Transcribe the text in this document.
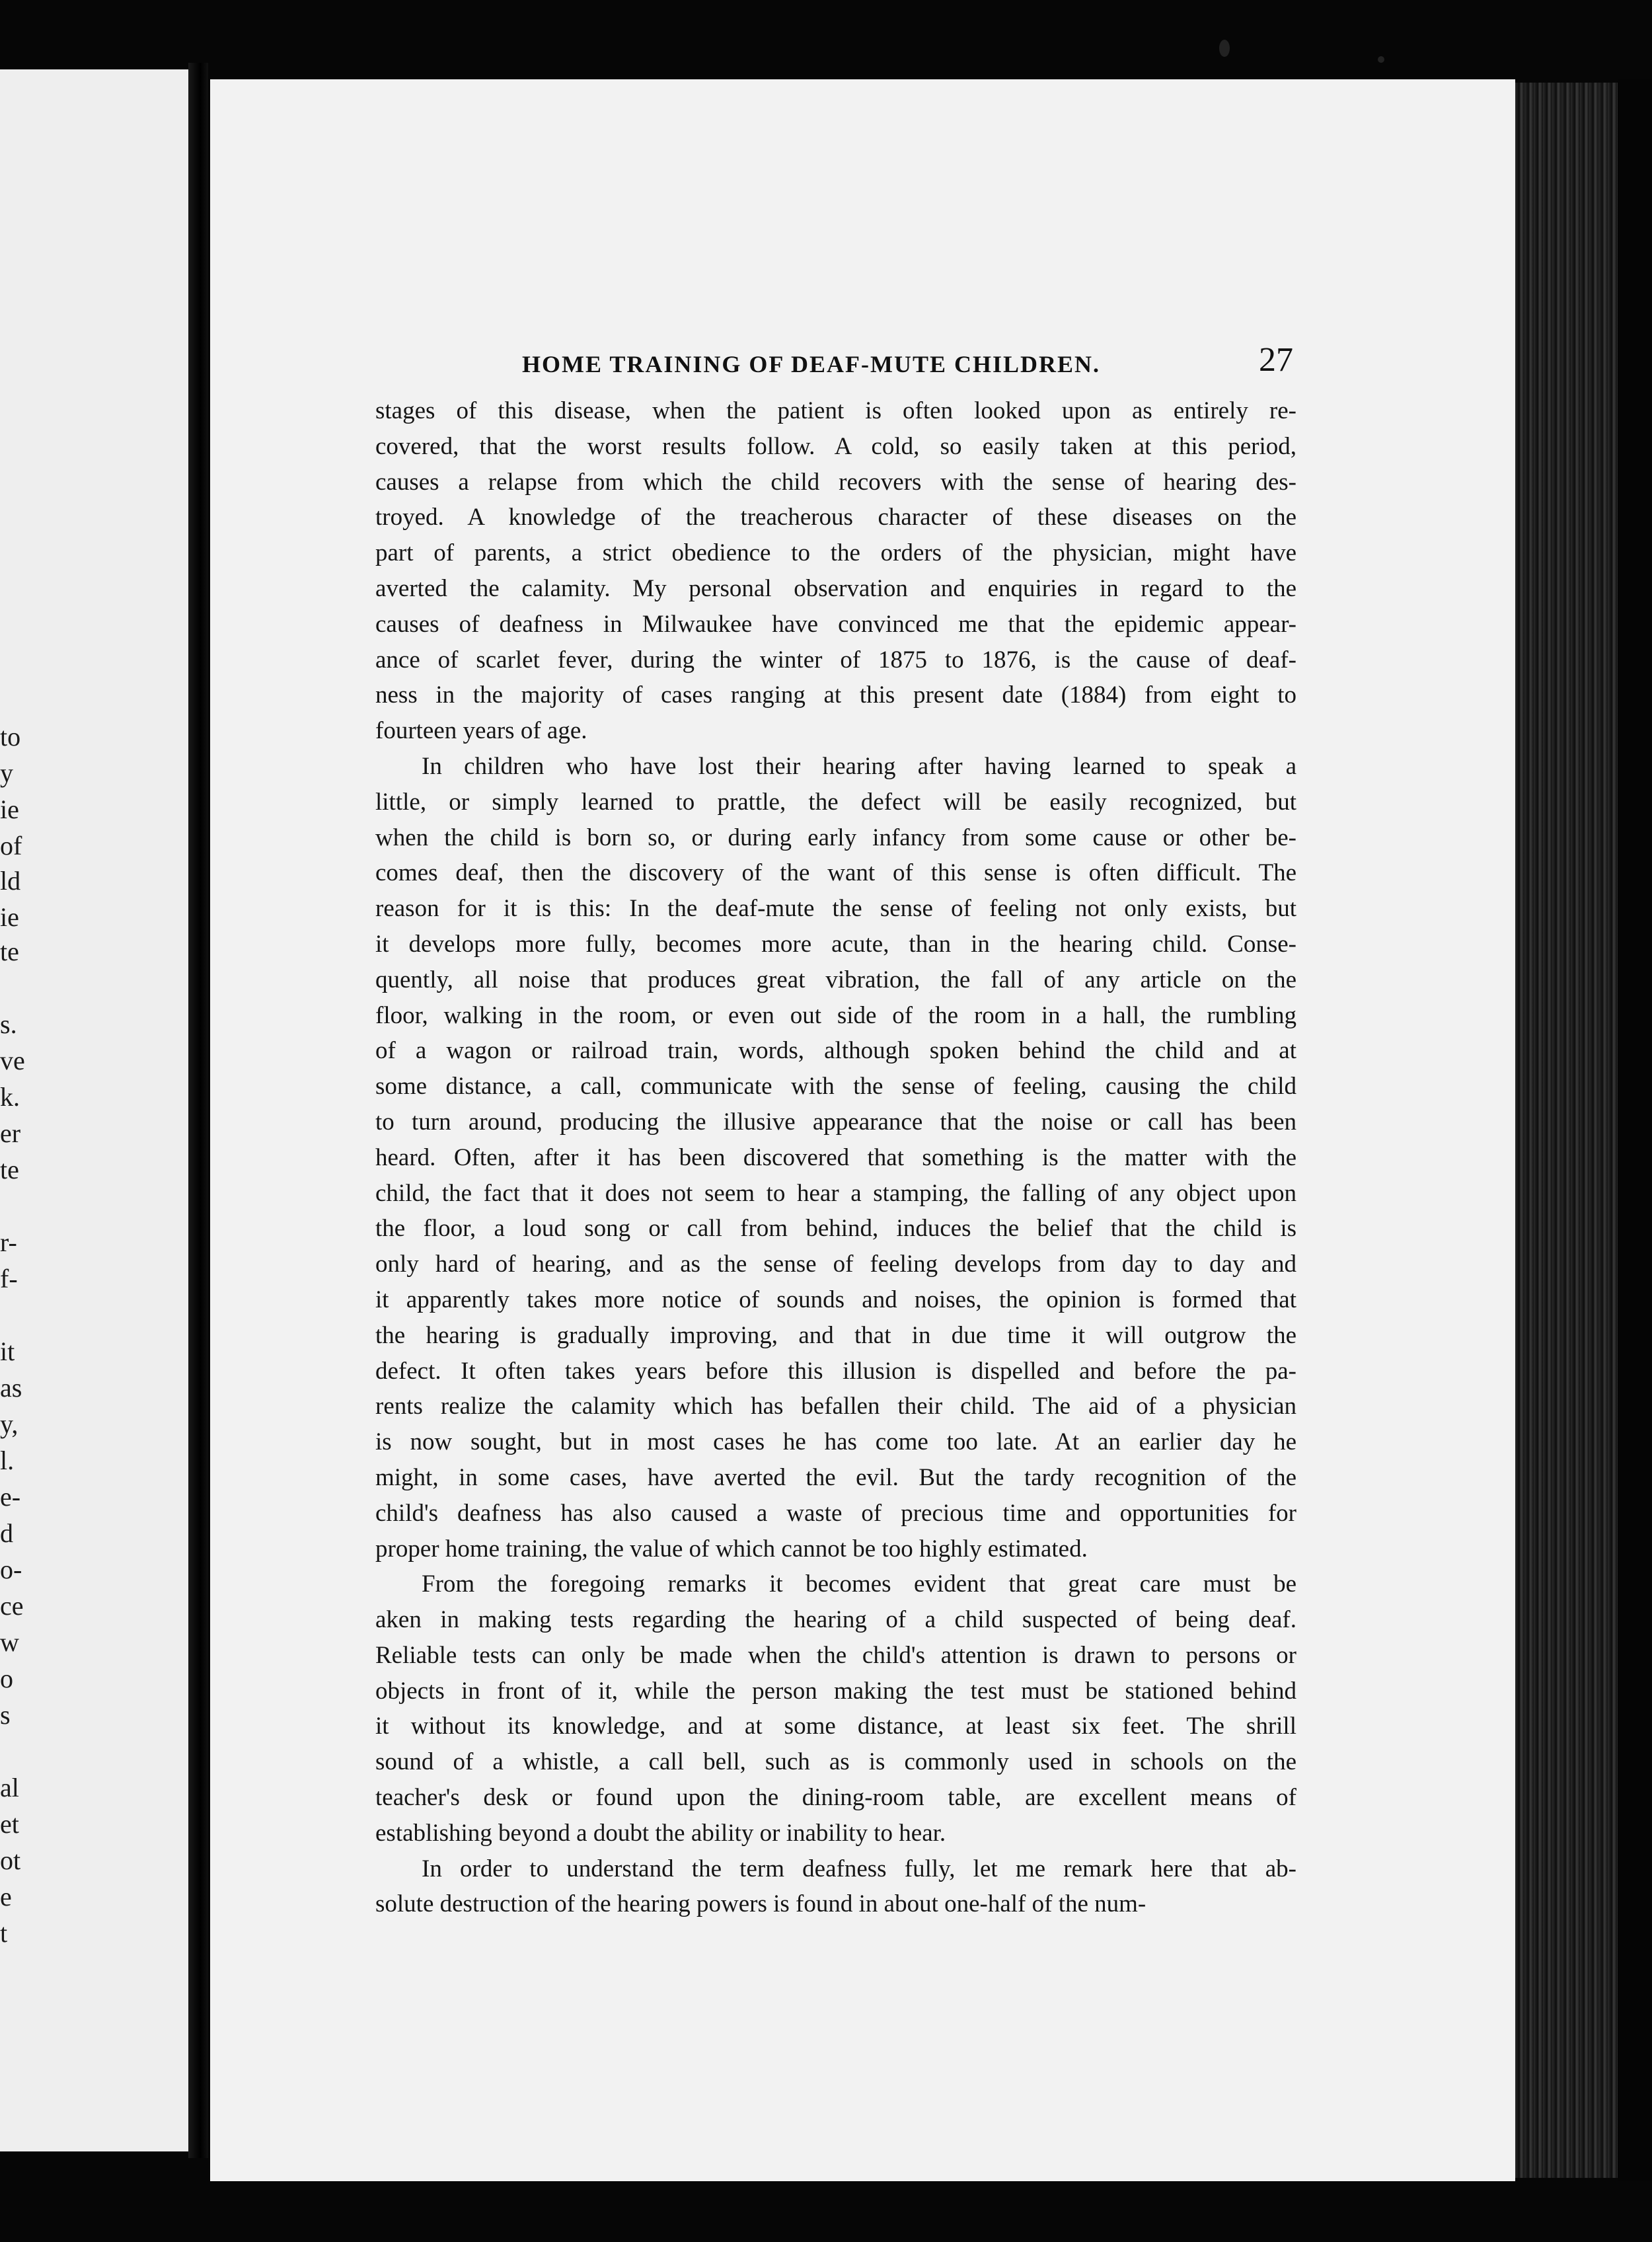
to
y
ie
of
ld
ie
te
s.
ve
k.
er
te
r-
f-
it
as
y,
l.
e-
d
o-
ce
w
o
s
al
et
ot
e
t
HOME TRAINING OF DEAF-MUTE CHILDREN.	27
stages of this disease, when the patient is often looked upon as entirely re-
covered, that the worst results follow. A cold, so easily taken at this period,
causes a relapse from which the child recovers with the sense of hearing des-
troyed. A knowledge of the treacherous character of these diseases on the
part of parents, a strict obedience to the orders of the physician, might have
averted the calamity. My personal observation and enquiries in regard to the
causes of deafness in Milwaukee have convinced me that the epidemic appear-
ance of scarlet fever, during the winter of 1875 to 1876, is the cause of deaf-
ness in the majority of cases ranging at this present date (1884) from eight to
fourteen years of age.
In children who have lost their hearing after having learned to speak a
little, or simply learned to prattle, the defect will be easily recognized, but
when the child is born so, or during early infancy from some cause or other be-
comes deaf, then the discovery of the want of this sense is often difficult. The
reason for it is this: In the deaf-mute the sense of feeling not only exists, but
it develops more fully, becomes more acute, than in the hearing child. Conse-
quently, all noise that produces great vibration, the fall of any article on the
floor, walking in the room, or even out side of the room in a hall, the rumbling
of a wagon or railroad train, words, although spoken behind the child and at
some distance, a call, communicate with the sense of feeling, causing the child
to turn around, producing the illusive appearance that the noise or call has been
heard. Often, after it has been discovered that something is the matter with the
child, the fact that it does not seem to hear a stamping, the falling of any object upon
the floor, a loud song or call from behind, induces the belief that the child is
only hard of hearing, and as the sense of feeling develops from day to day and
it apparently takes more notice of sounds and noises, the opinion is formed that
the hearing is gradually improving, and that in due time it will outgrow the
defect. It often takes years before this illusion is dispelled and before the pa-
rents realize the calamity which has befallen their child. The aid of a physician
is now sought, but in most cases he has come too late. At an earlier day he
might, in some cases, have averted the evil. But the tardy recognition of the
child's deafness has also caused a waste of precious time and opportunities for
proper home training, the value of which cannot be too highly estimated.
From the foregoing remarks it becomes evident that great care must be
aken in making tests regarding the hearing of a child suspected of being deaf.
Reliable tests can only be made when the child's attention is drawn to persons or
objects in front of it, while the person making the test must be stationed behind
it without its knowledge, and at some distance, at least six feet. The shrill
sound of a whistle, a call bell, such as is commonly used in schools on the
teacher's desk or found upon the dining-room table, are excellent means of
establishing beyond a doubt the ability or inability to hear.
In order to understand the term deafness fully, let me remark here that ab-
solute destruction of the hearing powers is found in about one-half of the num-
